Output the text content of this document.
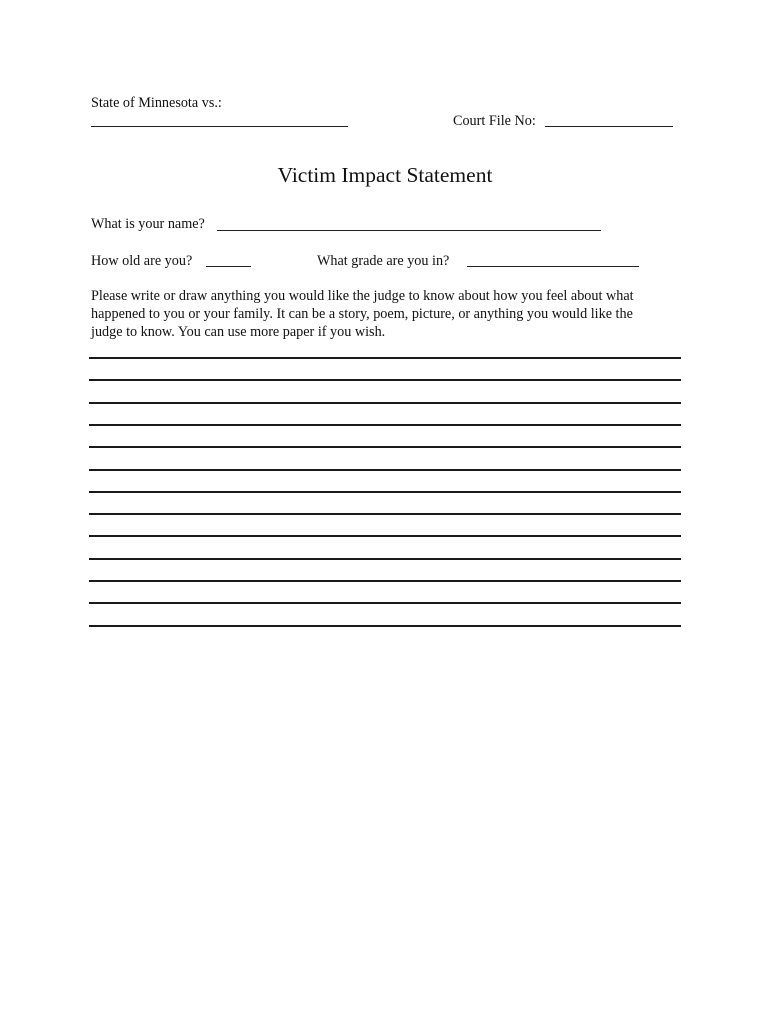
State of Minnesota vs.:
Court File No:
Victim Impact Statement
What is your name?
How old are you?	What grade are you in?
Please write or draw anything you would like the judge to know about how you feel about what
happened to you or your family. It can be a story, poem, picture, or anything you would like the
judge to know. You can use more paper if you wish.
